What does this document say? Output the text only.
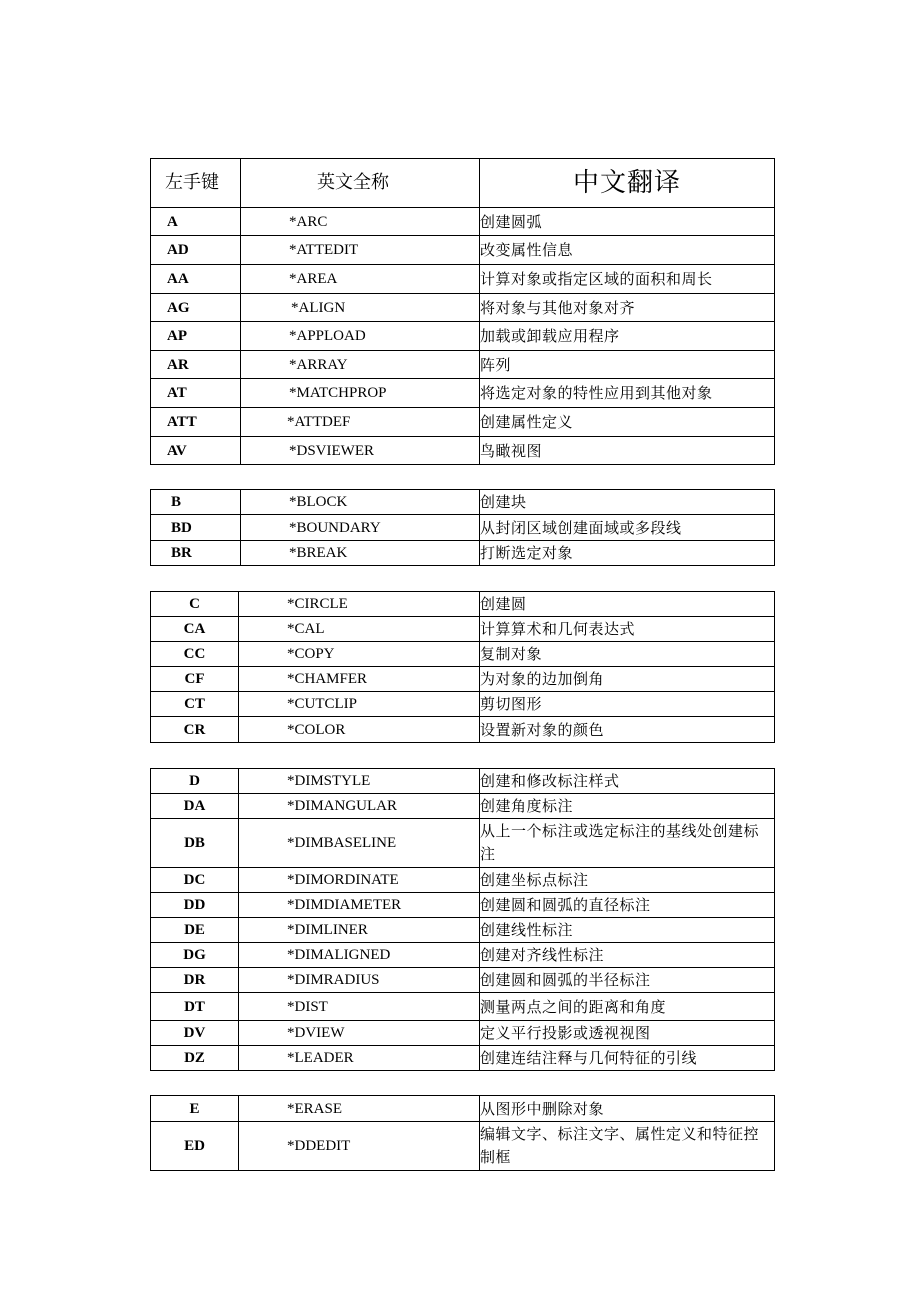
左手键	英文全称	中文翻译
A	*ARC	创建圆弧
AD	*ATTEDIT	改变属性信息
AA	*AREA	计算对象或指定区域的面积和周长
AG	*ALIGN	将对象与其他对象对齐
AP	*APPLOAD	加载或卸载应用程序
AR	*ARRAY	阵列
AT	*MATCHPROP	将选定对象的特性应用到其他对象
ATT	*ATTDEF	创建属性定义
AV	*DSVIEWER	鸟瞰视图
B	*BLOCK	创建块
BD	*BOUNDARY	从封闭区域创建面域或多段线
BR	*BREAK	打断选定对象
C	*CIRCLE	创建圆
CA	*CAL	计算算术和几何表达式
CC	*COPY	复制对象
CF	*CHAMFER	为对象的边加倒角
CT	*CUTCLIP	剪切图形
CR	*COLOR	设置新对象的颜色
D	*DIMSTYLE	创建和修改标注样式
DA	*DIMANGULAR	创建角度标注
DB	*DIMBASELINE	从上一个标注或选定标注的基线处创建标注
DC	*DIMORDINATE	创建坐标点标注
DD	*DIMDIAMETER	创建圆和圆弧的直径标注
DE	*DIMLINER	创建线性标注
DG	*DIMALIGNED	创建对齐线性标注
DR	*DIMRADIUS	创建圆和圆弧的半径标注
DT	*DIST	测量两点之间的距离和角度
DV	*DVIEW	定义平行投影或透视视图
DZ	*LEADER	创建连结注释与几何特征的引线
E	*ERASE	从图形中删除对象
ED	*DDEDIT	编辑文字、标注文字、属性定义和特征控制框
